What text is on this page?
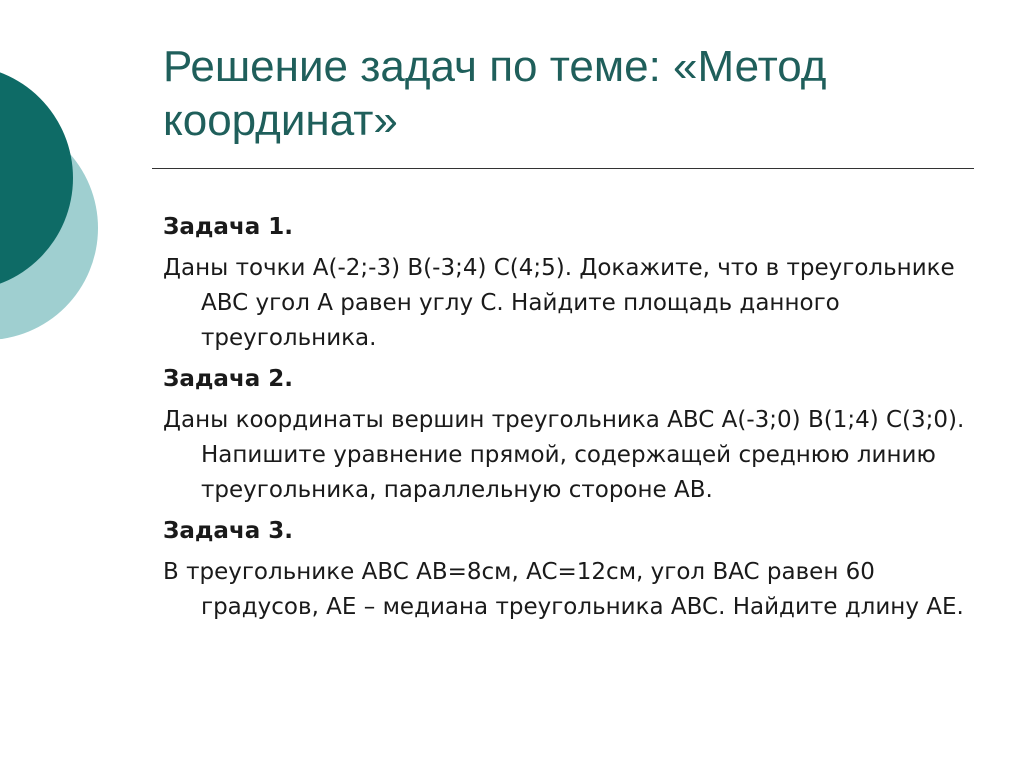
Решение задач по теме: «Метод координат»
Задача 1.
Даны точки A(-2;-3) B(-3;4) C(4;5). Докажите, что в треугольнике ABC угол A равен углу C. Найдите площадь данного треугольника.
Задача 2.
Даны координаты вершин треугольника ABC A(-3;0) B(1;4) C(3;0). Напишите уравнение прямой, содержащей среднюю линию треугольника, параллельную стороне AB.
Задача 3.
В треугольнике ABC AB=8см, AC=12см, угол BAC равен 60 градусов, AE – медиана треугольника ABC. Найдите длину AE.
